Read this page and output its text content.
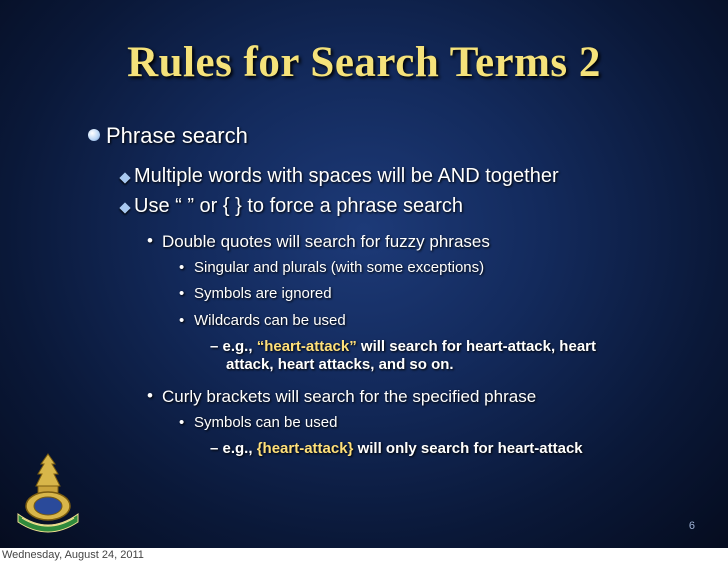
Rules for Search Terms 2
Phrase search
Multiple words with spaces will be AND together
Use “ ” or { } to force a phrase search
• Double quotes will search for fuzzy phrases
• Singular and plurals (with some exceptions)
• Symbols are ignored
• Wildcards can be used
– e.g., “heart-attack” will search for heart-attack, heart
attack, heart attacks, and so on.
• Curly brackets will search for the specified phrase
• Symbols can be used
– e.g., {heart-attack} will only search for heart-attack
6
Wednesday, August 24, 2011
